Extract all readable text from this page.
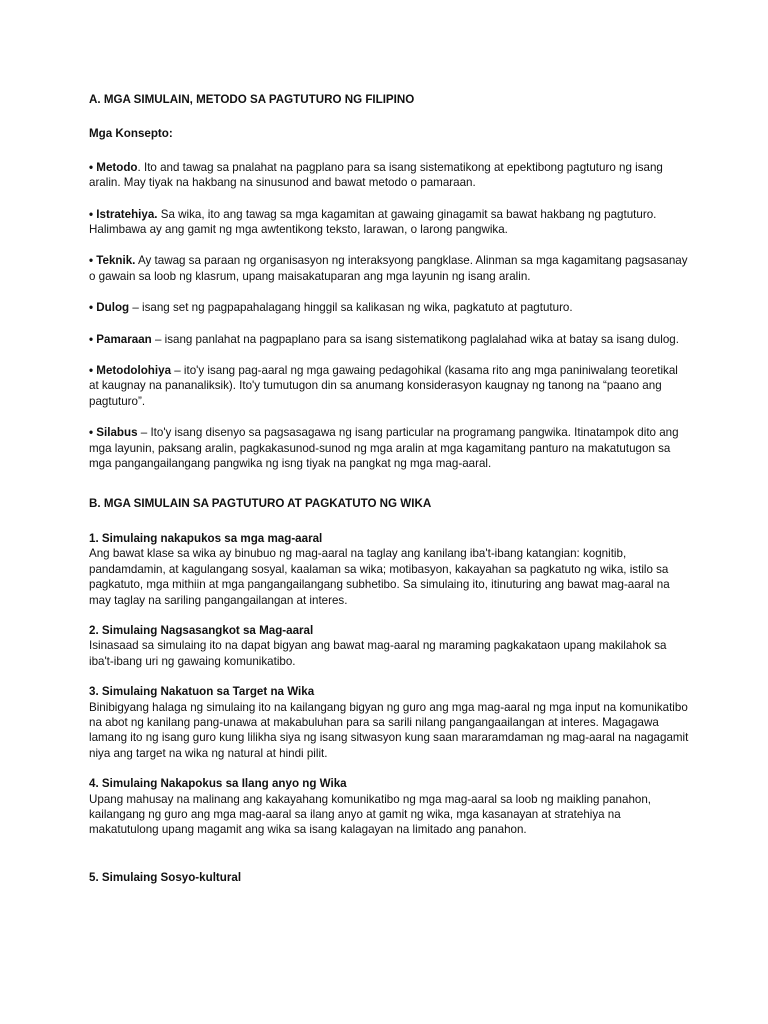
A. MGA SIMULAIN, METODO SA PAGTUTURO NG FILIPINO

Mga Konsepto:

• Metodo. Ito and tawag sa pnalahat na pagplano para sa isang sistematikong at epektibong pagtuturo ng isang aralin. May tiyak na hakbang na sinusunod and bawat metodo o pamaraan.

• Istratehiya. Sa wika, ito ang tawag sa mga kagamitan at gawaing ginagamit sa bawat hakbang ng pagtuturo. Halimbawa ay ang gamit ng mga awtentikong teksto, larawan, o larong pangwika.

• Teknik. Ay tawag sa paraan ng organisasyon ng interaksyong pangklase. Alinman sa mga kagamitang pagsasanay o gawain sa loob ng klasrum, upang maisakatuparan ang mga layunin ng isang aralin.

• Dulog – isang set ng pagpapahalagang hinggil sa kalikasan ng wika, pagkatuto at pagtuturo.

• Pamaraan – isang panlahat na pagpaplano para sa isang sistematikong paglalahad wika at batay sa isang dulog.

• Metodolohiya – ito'y isang pag-aaral ng mga gawaing pedagohikal (kasama rito ang mga paniniwalang teoretikal at kaugnay na pananaliksik). Ito'y tumutugon din sa anumang konsiderasyon kaugnay ng tanong na “paano ang pagtuturo”.

• Silabus – Ito'y isang disenyo sa pagsasagawa ng isang particular na programang pangwika. Itinatampok dito ang mga layunin, paksang aralin, pagkakasunod-sunod ng mga aralin at mga kagamitang panturo na makatutugon sa mga pangangailangang pangwika ng isng tiyak na pangkat ng mga mag-aaral.

B. MGA SIMULAIN SA PAGTUTURO AT PAGKATUTO NG WIKA

1. Simulaing nakapukos sa mga mag-aaral
Ang bawat klase sa wika ay binubuo ng mag-aaral na taglay ang kanilang iba't-ibang katangian: kognitib, pandamdamin, at kagulangang sosyal, kaalaman sa wika; motibasyon, kakayahan sa pagkatuto ng wika, istilo sa pagkatuto, mga mithiin at mga pangangailangang subhetibo. Sa simulaing ito, itinuturing ang bawat mag-aaral na may taglay na sariling pangangailangan at interes.
2. Simulaing Nagsasangkot sa Mag-aaral
Isinasaad sa simulaing ito na dapat bigyan ang bawat mag-aaral ng maraming pagkakataon upang makilahok sa iba't-ibang uri ng gawaing komunikatibo.
3. Simulaing Nakatuon sa Target na Wika
Binibigyang halaga ng simulaing ito na kailangang bigyan ng guro ang mga mag-aaral ng mga input na komunikatibo na abot ng kanilang pang-unawa at makabuluhan para sa sarili nilang pangangaailangan at interes. Magagawa lamang ito ng isang guro kung lilikha siya ng isang sitwasyon kung saan mararamdaman ng mag-aaral na nagagamit niya ang target na wika ng natural at hindi pilit.
4. Simulaing Nakapokus sa Ilang anyo ng Wika
Upang mahusay na malinang ang kakayahang komunikatibo ng mga mag-aaral sa loob ng maikling panahon, kailangang ng guro ang mga mag-aaral sa ilang anyo at gamit ng wika, mga kasanayan at stratehiya na makatutulong upang magamit ang wika sa isang kalagayan na limitado ang panahon.
5. Simulaing Sosyo-kultural
